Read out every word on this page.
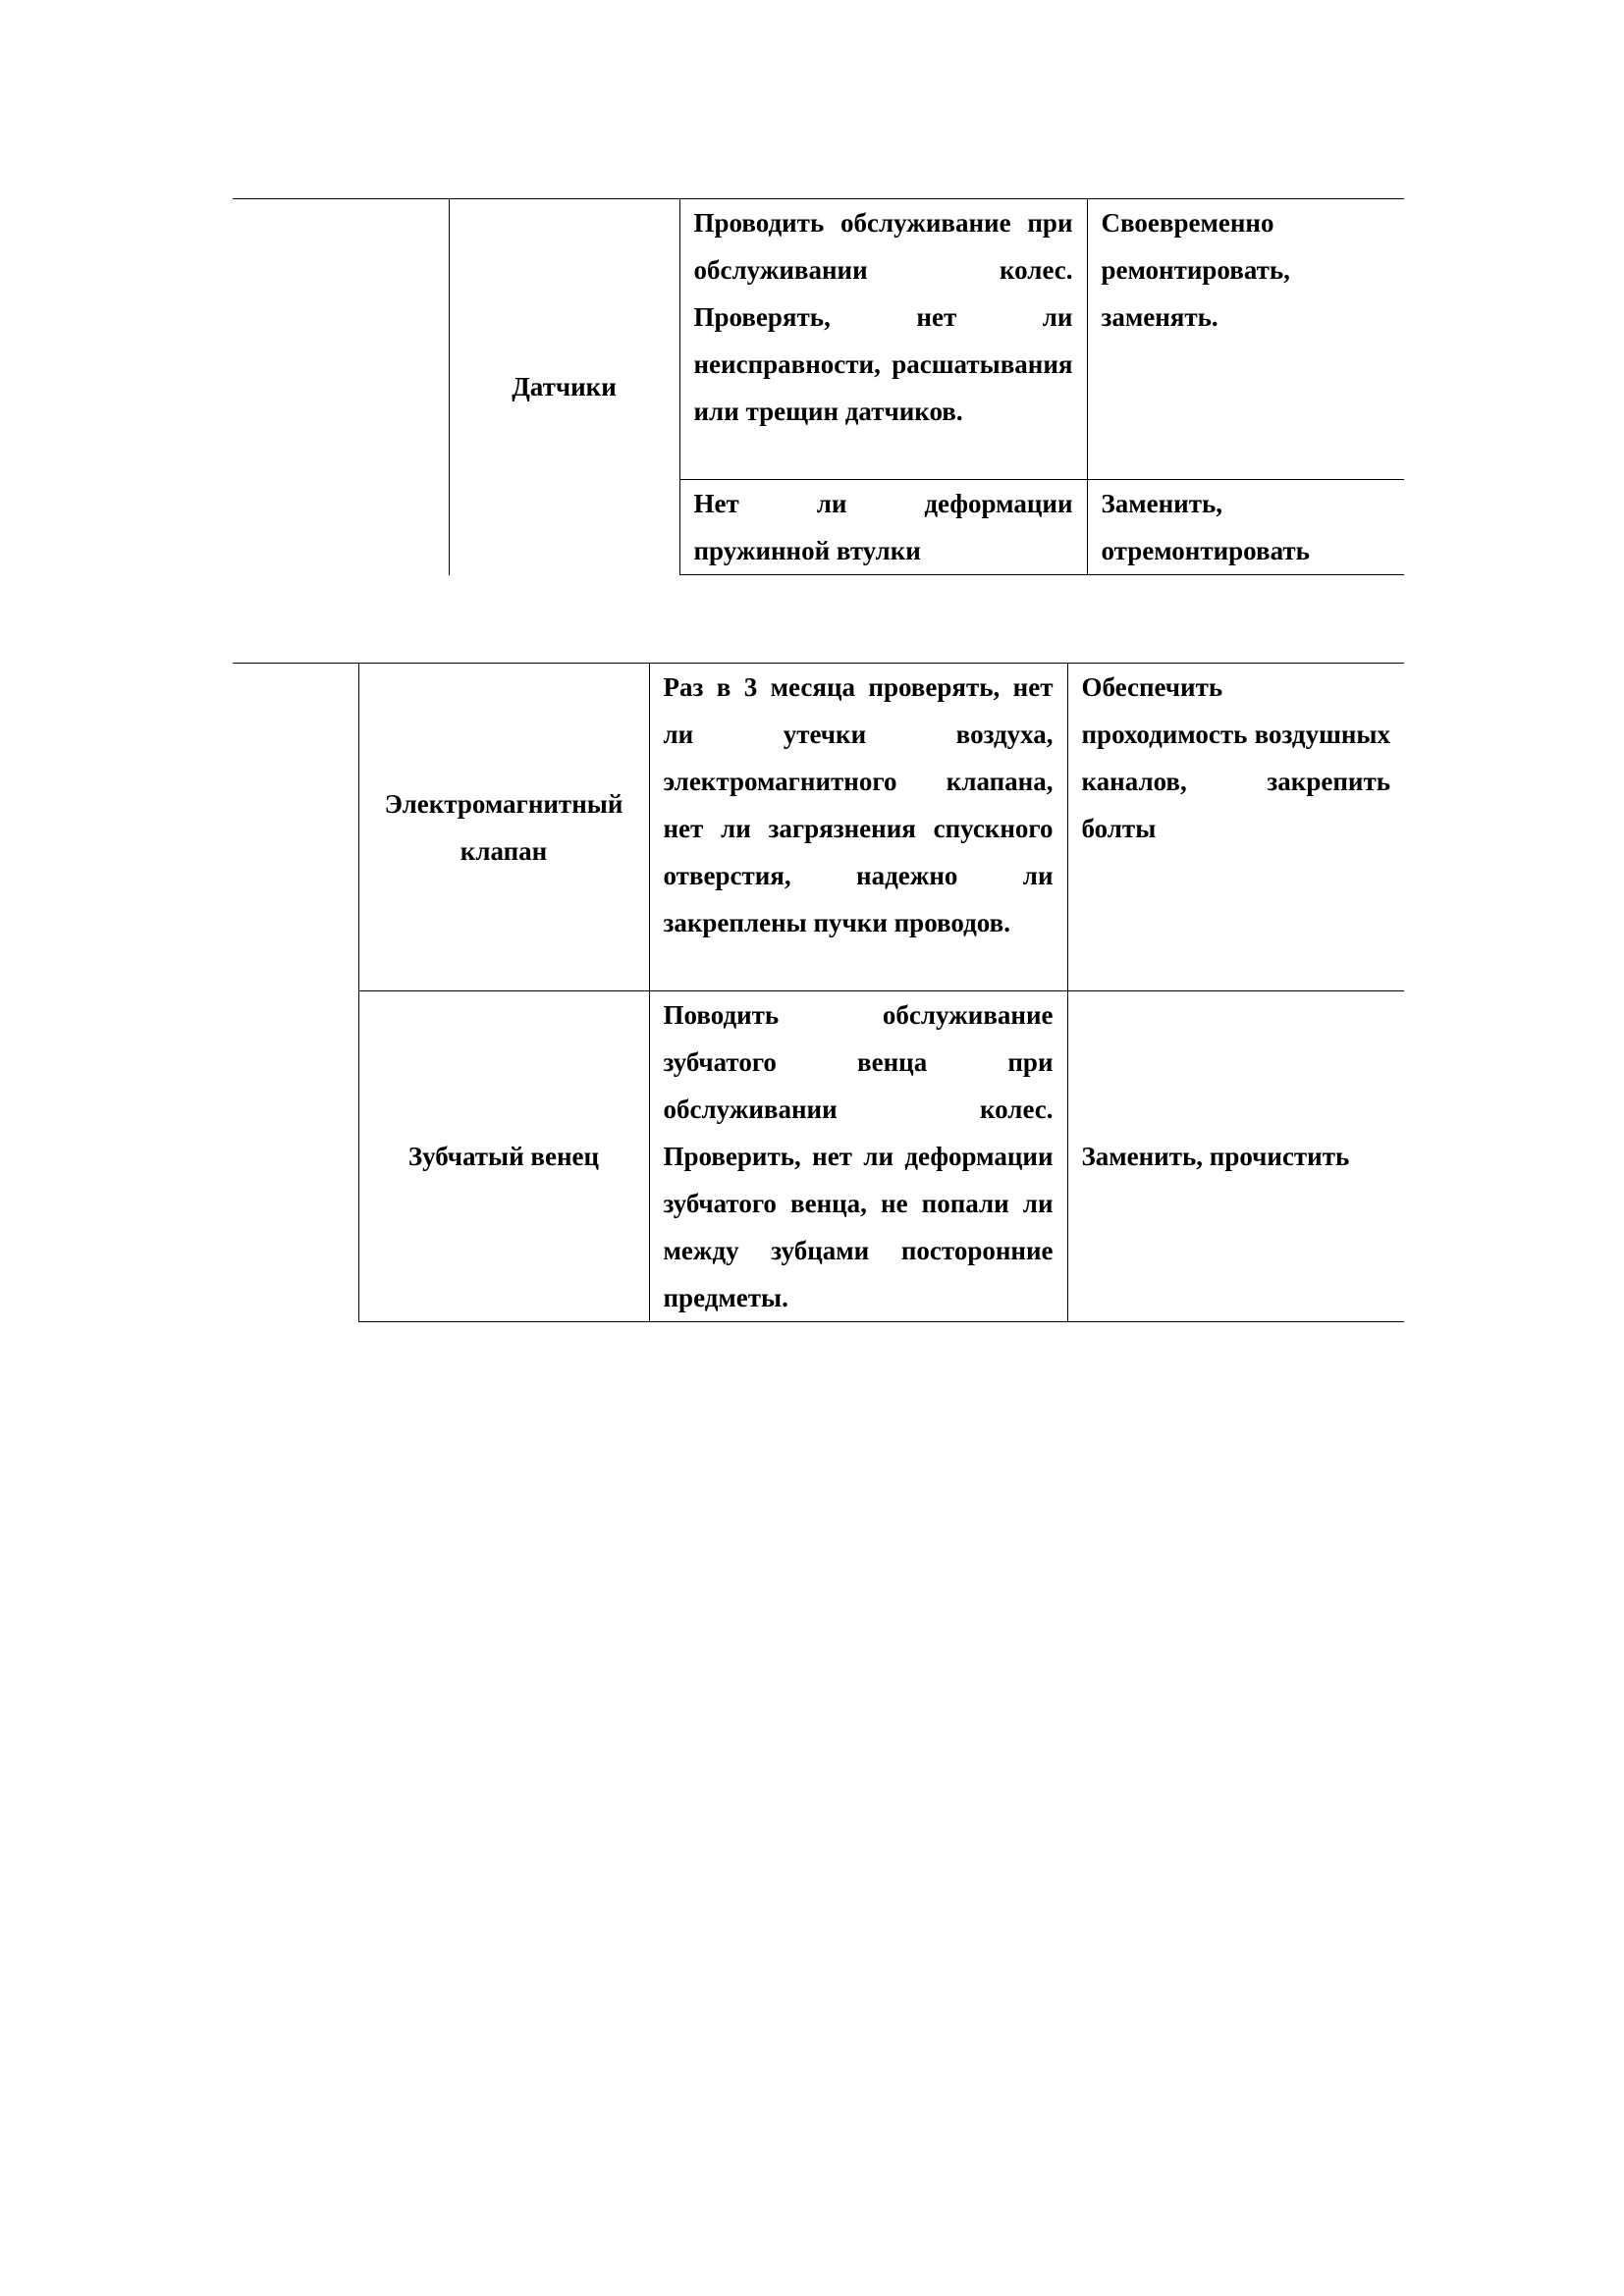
	Датчики	Проводить обслуживание при обслуживании колес. Проверять, нет ли неисправности, расшатывания или трещин датчиков.	Своевременно ремонтировать, заменять.
		Нет ли деформации пружинной втулки	Заменить, отремонтировать
	Электромагнитный клапан	Раз в 3 месяца проверять, нет ли утечки воздуха, электромагнитного клапана, нет ли загрязнения спускного отверстия, надежно ли закреплены пучки проводов.	Обеспечить проходимость воздушных каналов, закрепить болты
	Зубчатый венец	Поводить обслуживание зубчатого венца при обслуживании колес. Проверить, нет ли деформации зубчатого венца, не попали ли между зубцами посторонние предметы.	Заменить, прочистить
